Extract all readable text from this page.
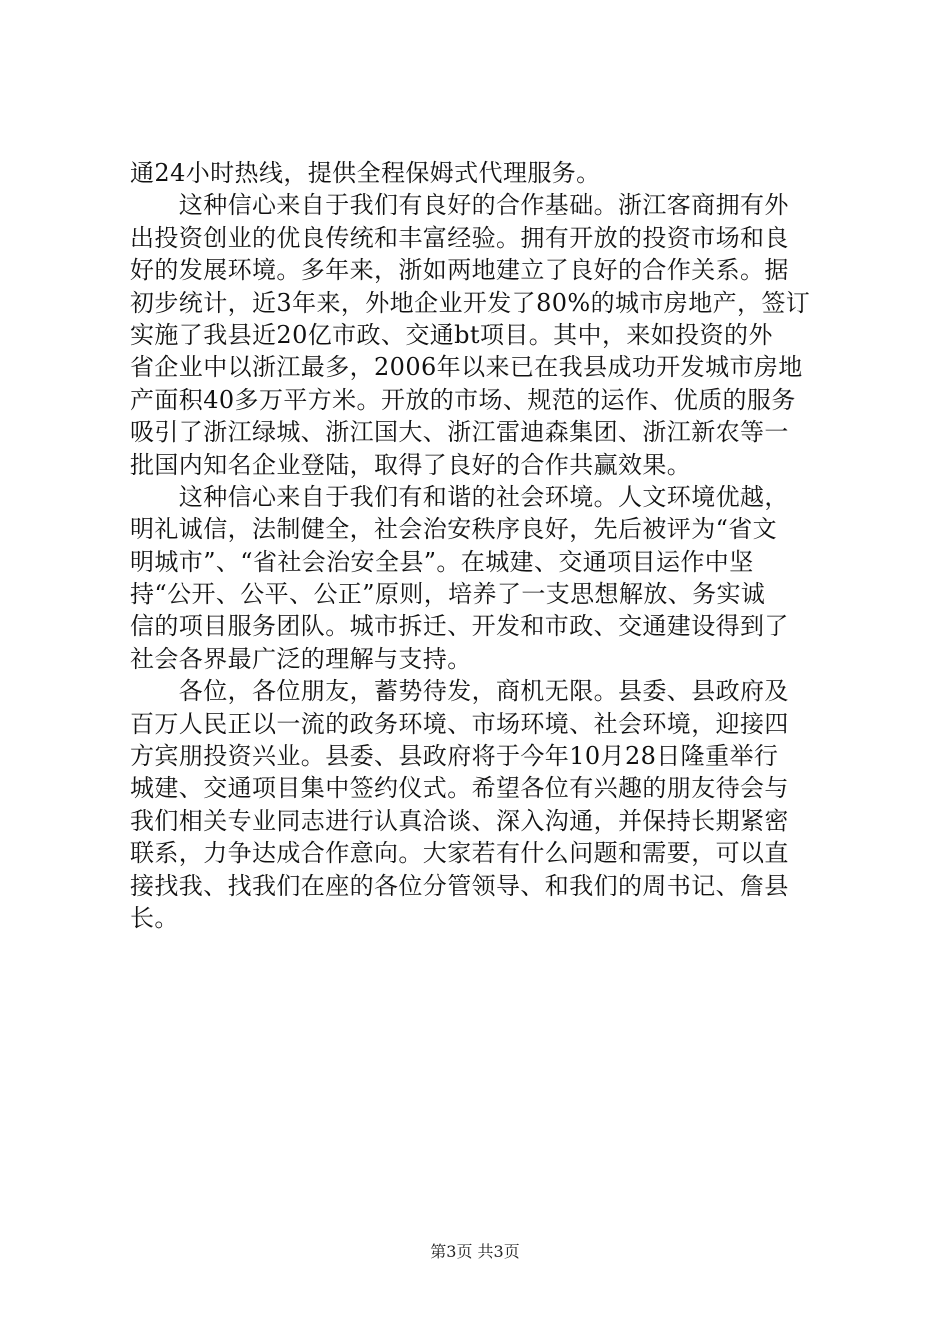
通24小时热线，提供全程保姆式代理服务。
　　这种信心来自于我们有良好的合作基础。浙江客商拥有外
出投资创业的优良传统和丰富经验。拥有开放的投资市场和良
好的发展环境。多年来，浙如两地建立了良好的合作关系。据
初步统计，近3年来，外地企业开发了80%的城市房地产，签订
实施了我县近20亿市政、交通bt项目。其中，来如投资的外
省企业中以浙江最多，2006年以来已在我县成功开发城市房地
产面积40多万平方米。开放的市场、规范的运作、优质的服务
吸引了浙江绿城、浙江国大、浙江雷迪森集团、浙江新农等一
批国内知名企业登陆，取得了良好的合作共赢效果。
　　这种信心来自于我们有和谐的社会环境。人文环境优越，
明礼诚信，法制健全，社会治安秩序良好，先后被评为“省文
明城市”、“省社会治安全县”。在城建、交通项目运作中坚
持“公开、公平、公正”原则，培养了一支思想解放、务实诚
信的项目服务团队。城市拆迁、开发和市政、交通建设得到了
社会各界最广泛的理解与支持。
　　各位，各位朋友，蓄势待发，商机无限。县委、县政府及
百万人民正以一流的政务环境、市场环境、社会环境，迎接四
方宾朋投资兴业。县委、县政府将于今年10月28日隆重举行
城建、交通项目集中签约仪式。希望各位有兴趣的朋友待会与
我们相关专业同志进行认真洽谈、深入沟通，并保持长期紧密
联系，力争达成合作意向。大家若有什么问题和需要，可以直
接找我、找我们在座的各位分管领导、和我们的周书记、詹县
长。
第3页 共3页
